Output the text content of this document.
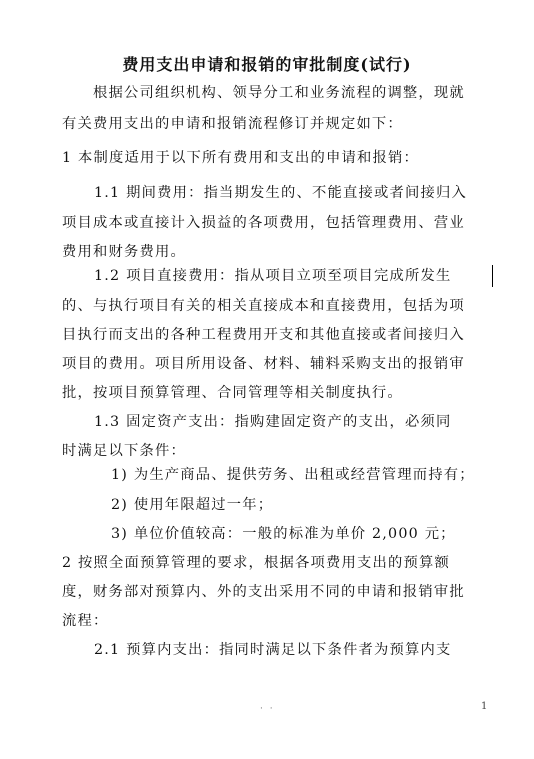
费用支出申请和报销的审批制度(试行)
根据公司组织机构、领导分工和业务流程的调整，现就
有关费用支出的申请和报销流程修订并规定如下：
1 本制度适用于以下所有费用和支出的申请和报销：
1.1 期间费用：指当期发生的、不能直接或者间接归入
项目成本或直接计入损益的各项费用，包括管理费用、营业
费用和财务费用。
1.2 项目直接费用：指从项目立项至项目完成所发生
的、与执行项目有关的相关直接成本和直接费用，包括为项
目执行而支出的各种工程费用开支和其他直接或者间接归入
项目的费用。项目所用设备、材料、辅料采购支出的报销审
批，按项目预算管理、合同管理等相关制度执行。
1.3 固定资产支出：指购建固定资产的支出，必须同
时满足以下条件：
1) 为生产商品、提供劳务、出租或经营管理而持有；
2) 使用年限超过一年；
3) 单位价值较高：一般的标准为单价 2,000 元；
2 按照全面预算管理的要求，根据各项费用支出的预算额
度，财务部对预算内、外的支出采用不同的申请和报销审批
流程：
2.1 预算内支出：指同时满足以下条件者为预算内支
· ·	1
